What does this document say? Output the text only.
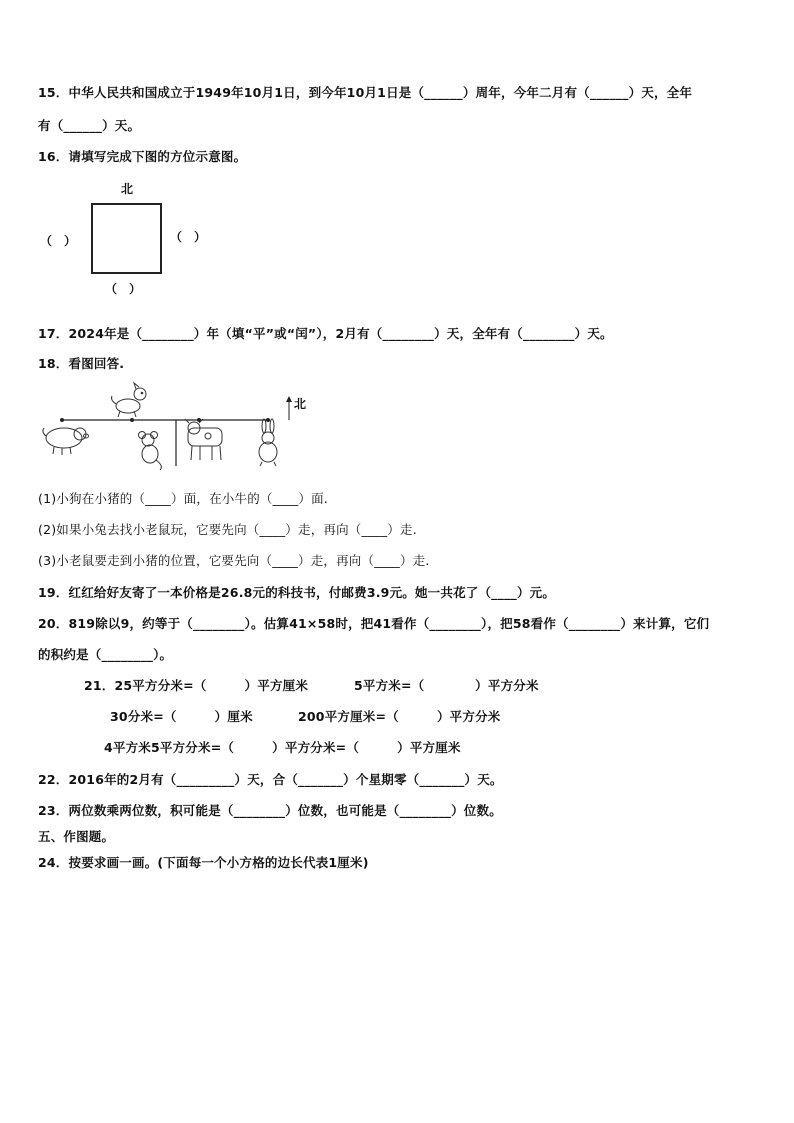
15．中华人民共和国成立于1949年10月1日，到今年10月1日是（______）周年，今年二月有（______）天，全年
有（______）天。
16．请填写完成下图的方位示意图。
北
（　）	（　）
（　）
17．2024年是（________）年（填“平”或“闰”），2月有（________）天，全年有（________）天。
18．看图回答.
北
(1)小狗在小猪的（____）面，在小牛的（____）面.
(2)如果小兔去找小老鼠玩，它要先向（____）走，再向（____）走.
(3)小老鼠要走到小猪的位置，它要先向（____）走，再向（____）走.
19．红红给好友寄了一本价格是26.8元的科技书，付邮费3.9元。她一共花了（____）元。
20．819除以9，约等于（________）。估算41×58时，把41看作（________），把58看作（________）来计算，它们
的积约是（________）。
21．25平方分米=（　　　）平方厘米	5平方米=（　　　　）平方分米
30分米=（　　　）厘米	200平方厘米=（　　　）平方分米
4平方米5平方分米=（　　　）平方分米=（　　　）平方厘米
22．2016年的2月有（_________）天，合（_______）个星期零（_______）天。
23．两位数乘两位数，积可能是（________）位数，也可能是（________）位数。
五、作图题。
24．按要求画一画。(下面每一个小方格的边长代表1厘米)
